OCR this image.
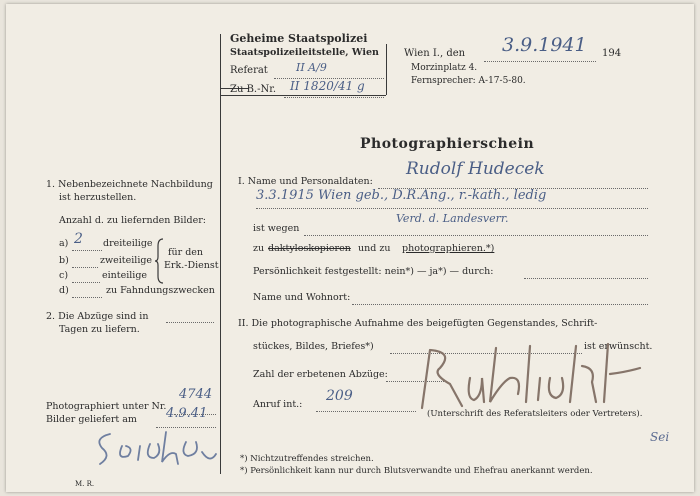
Geheime Staatspolizei
Staatspolizeileitstelle, Wien
Referat	II A/9
Zu B.-Nr. II 1820/41 g
Wien I., den 3.9.1941 194
Morzinplatz 4.
Fernsprecher: A-17-5-80.
Photographierschein
1. Nebenbezeichnete Nachbildung
ist herzustellen.
Anzahl d. zu liefernden Bilder:
a) 2 dreiteilige
b)	zweiteilige
c)	einteilige
für den
Erk.-Dienst
d)	zu Fahndungszwecken
2. Die Abzüge sind in
Tagen zu liefern.
Photographiert unter Nr.
4744
Bilder geliefert am 4.9.41
M. R.
I. Name und Personaldaten:
Rudolf Hudecek
3.3.1915 Wien geb., D.R.Ang., r.-kath., ledig
ist wegen
Verd. d. Landesverr.
zu daktyloskopieren und zu photographieren.*)
Persönlichkeit festgestellt: nein*) — ja*) — durch:
Name und Wohnort:
II. Die photographische Aufnahme des beigefügten Gegenstandes, Schrift-
stückes, Bildes, Briefes*)	ist erwünscht.
Zahl der erbetenen Abzüge:
Anruf int.:
209
(Unterschrift des Referatsleiters oder Vertreters).
Sei
*) Nichtzutreffendes streichen.
*) Persönlichkeit kann nur durch Blutsverwandte und Ehefrau anerkannt werden.
